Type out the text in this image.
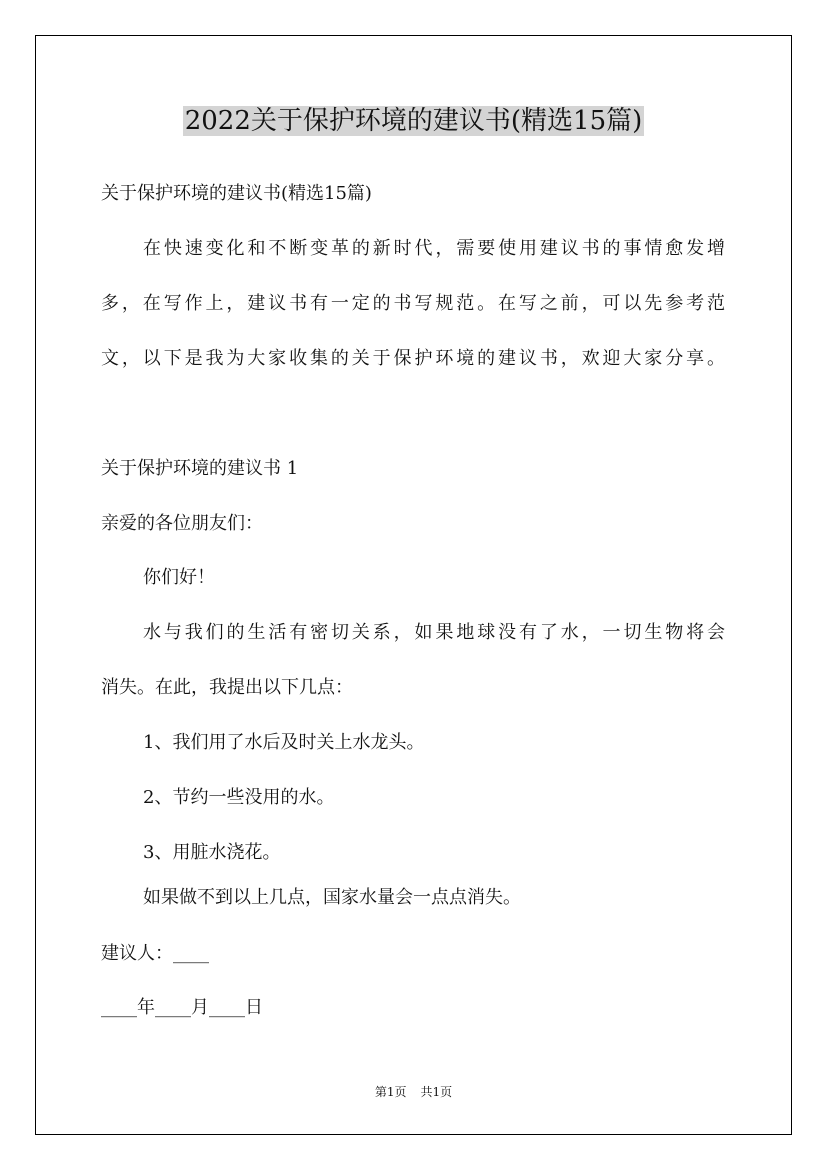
2022关于保护环境的建议书(精选15篇)
关于保护环境的建议书(精选15篇)
在快速变化和不断变革的新时代，需要使用建议书的事情愈发增
多，在写作上，建议书有一定的书写规范。在写之前，可以先参考范
文，以下是我为大家收集的关于保护环境的建议书，欢迎大家分享。
关于保护环境的建议书 1
亲爱的各位朋友们：
你们好！
水与我们的生活有密切关系，如果地球没有了水，一切生物将会
消失。在此，我提出以下几点：
1、我们用了水后及时关上水龙头。
2、节约一些没用的水。
3、用脏水浇花。
如果做不到以上几点，国家水量会一点点消失。
建议人：____
____年____月____日
第1页 共1页
